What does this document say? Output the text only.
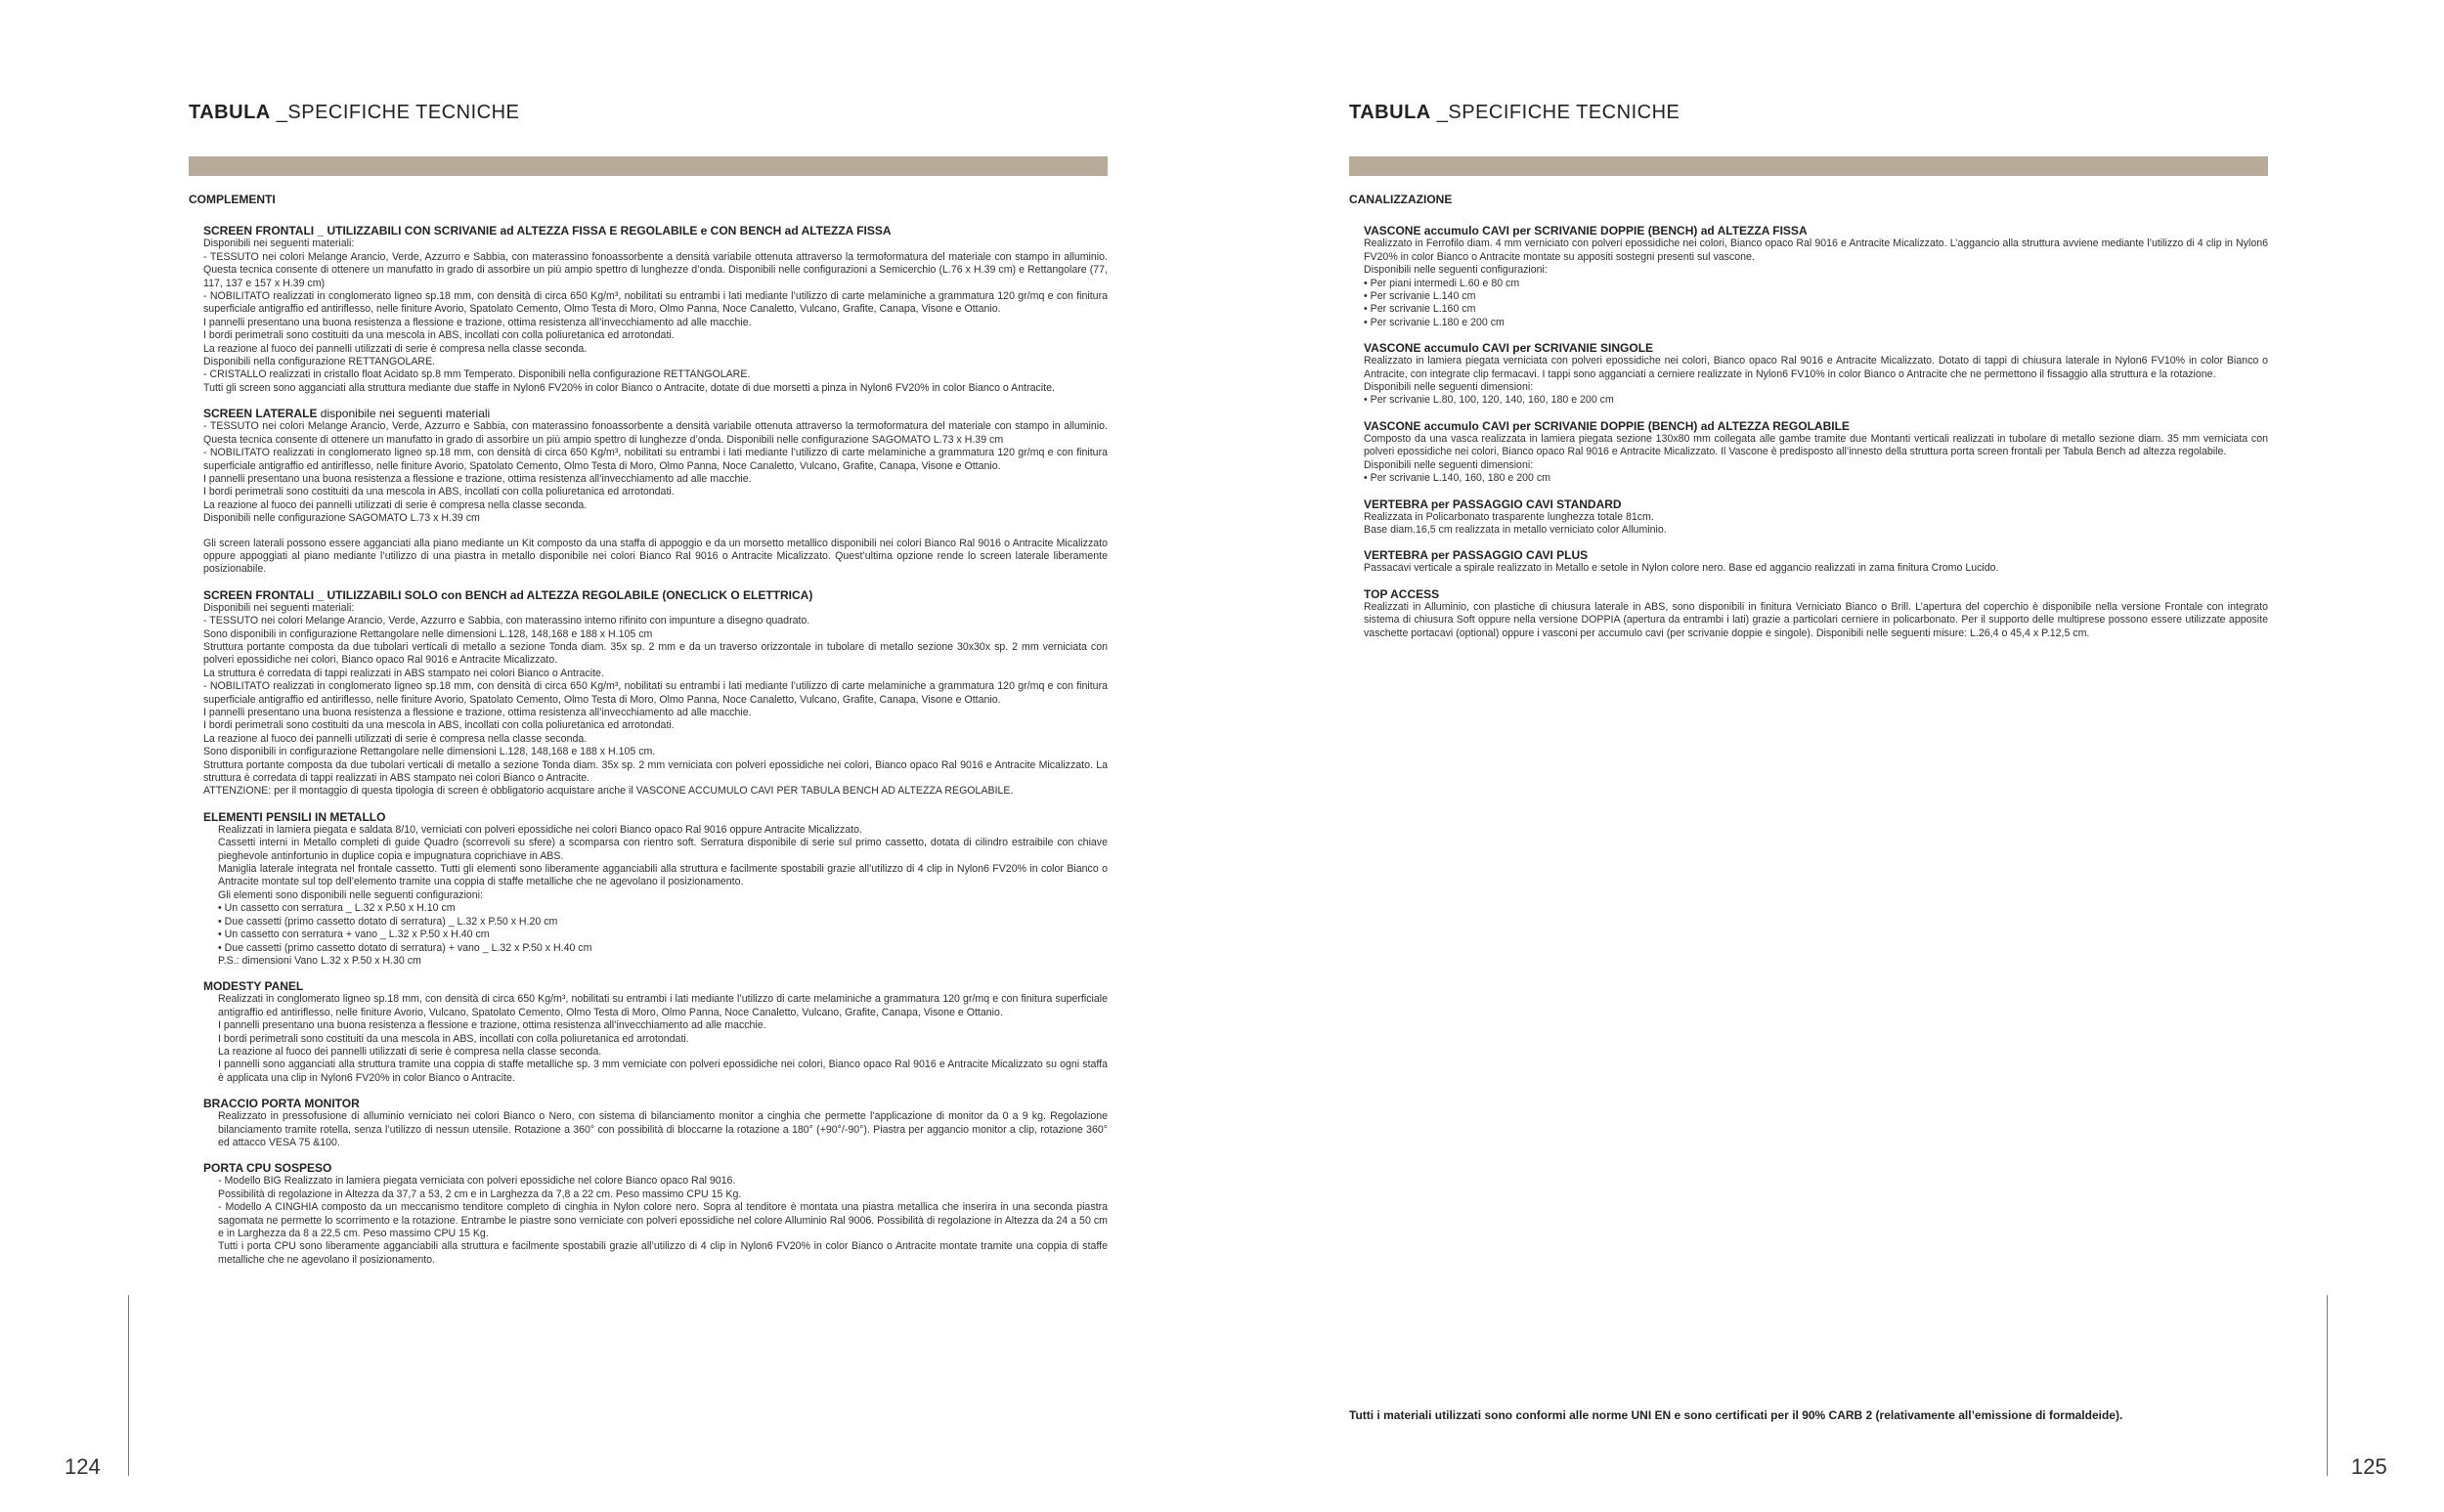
TABULA _SPECIFICHE TECNICHE
COMPLEMENTI
SCREEN FRONTALI _ UTILIZZABILI CON SCRIVANIE ad ALTEZZA FISSA E REGOLABILE e CON BENCH ad ALTEZZA FISSA
Disponibili nei seguenti materiali:
- TESSUTO nei colori Melange Arancio, Verde, Azzurro e Sabbia, con materassino fonoassorbente a densità variabile ottenuta attraverso la termoformatura del materiale con stampo in alluminio. Questa tecnica consente di ottenere un manufatto in grado di assorbire un più ampio spettro di lunghezze d’onda. Disponibili nelle configurazioni a Semicerchio (L.76 x H.39 cm) e Rettangolare (77, 117, 137 e 157 x H.39 cm)
- NOBILITATO realizzati in conglomerato ligneo sp.18 mm, con densità di circa 650 Kg/m³, nobilitati su entrambi i lati mediante l’utilizzo di carte melaminiche a grammatura 120 gr/mq e con finitura superficiale antigraffio ed antiriflesso, nelle finiture Avorio, Spatolato Cemento, Olmo Testa di Moro, Olmo Panna, Noce Canaletto, Vulcano, Grafite, Canapa, Visone e Ottanio.
I pannelli presentano una buona resistenza a flessione e trazione, ottima resistenza all’invecchiamento ad alle macchie.
I bordi perimetrali sono costituiti da una mescola in ABS, incollati con colla poliuretanica ed arrotondati.
La reazione al fuoco dei pannelli utilizzati di serie è compresa nella classe seconda.
Disponibili nella configurazione RETTANGOLARE.
- CRISTALLO realizzati in cristallo float Acidato sp.8 mm Temperato. Disponibili nella configurazione RETTANGOLARE.
Tutti gli screen sono agganciati alla struttura mediante due staffe in Nylon6 FV20% in color Bianco o Antracite, dotate di due morsetti a pinza in Nylon6 FV20% in color Bianco o Antracite.
SCREEN LATERALE disponibile nei seguenti materiali
- TESSUTO nei colori Melange Arancio, Verde, Azzurro e Sabbia, con materassino fonoassorbente a densità variabile ottenuta attraverso la termoformatura del materiale con stampo in alluminio. Questa tecnica consente di ottenere un manufatto in grado di assorbire un più ampio spettro di lunghezze d’onda. Disponibili nelle configurazione SAGOMATO L.73 x H.39 cm
- NOBILITATO realizzati in conglomerato ligneo sp.18 mm, con densità di circa 650 Kg/m³, nobilitati su entrambi i lati mediante l’utilizzo di carte melaminiche a grammatura 120 gr/mq e con finitura superficiale antigraffio ed antiriflesso, nelle finiture Avorio, Spatolato Cemento, Olmo Testa di Moro, Olmo Panna, Noce Canaletto, Vulcano, Grafite, Canapa, Visone e Ottanio.
I pannelli presentano una buona resistenza a flessione e trazione, ottima resistenza all’invecchiamento ad alle macchie.
I bordi perimetrali sono costituiti da una mescola in ABS, incollati con colla poliuretanica ed arrotondati.
La reazione al fuoco dei pannelli utilizzati di serie è compresa nella classe seconda.
Disponibili nelle configurazione SAGOMATO L.73 x H.39 cm
Gli screen laterali possono essere agganciati alla piano mediante un Kit composto da una staffa di appoggio e da un morsetto metallico disponibili nei colori Bianco Ral 9016 o Antracite Micalizzato oppure appoggiati al piano mediante l’utilizzo di una piastra in metallo disponibile nei colori Bianco Ral 9016 o Antracite Micalizzato. Quest’ultima opzione rende lo screen laterale liberamente posizionabile.
SCREEN FRONTALI _ UTILIZZABILI SOLO con BENCH ad ALTEZZA REGOLABILE (ONECLICK O ELETTRICA)
Disponibili nei seguenti materiali:
- TESSUTO nei colori Melange Arancio, Verde, Azzurro e Sabbia, con materassino interno rifinito con impunture a disegno quadrato.
Sono disponibili in configurazione Rettangolare nelle dimensioni L.128, 148,168 e 188 x H.105 cm
Struttura portante composta da due tubolari verticali di metallo a sezione Tonda diam. 35x sp. 2 mm e da un traverso orizzontale in tubolare di metallo sezione 30x30x sp. 2 mm verniciata con polveri epossidiche nei colori, Bianco opaco Ral 9016 e Antracite Micalizzato.
La struttura è corredata di tappi realizzati in ABS stampato nei colori Bianco o Antracite.
- NOBILITATO realizzati in conglomerato ligneo sp.18 mm, con densità di circa 650 Kg/m³, nobilitati su entrambi i lati mediante l’utilizzo di carte melaminiche a grammatura 120 gr/mq e con finitura superficiale antigraffio ed antiriflesso, nelle finiture Avorio, Spatolato Cemento, Olmo Testa di Moro, Olmo Panna, Noce Canaletto, Vulcano, Grafite, Canapa, Visone e Ottanio.
I pannelli presentano una buona resistenza a flessione e trazione, ottima resistenza all’invecchiamento ad alle macchie.
I bordi perimetrali sono costituiti da una mescola in ABS, incollati con colla poliuretanica ed arrotondati.
La reazione al fuoco dei pannelli utilizzati di serie è compresa nella classe seconda.
Sono disponibili in configurazione Rettangolare nelle dimensioni L.128, 148,168 e 188 x H.105 cm.
Struttura portante composta da due tubolari verticali di metallo a sezione Tonda diam. 35x sp. 2 mm verniciata con polveri epossidiche nei colori, Bianco opaco Ral 9016 e Antracite Micalizzato. La struttura è corredata di tappi realizzati in ABS stampato nei colori Bianco o Antracite.
ATTENZIONE: per il montaggio di questa tipologia di screen è obbligatorio acquistare anche il VASCONE ACCUMULO CAVI PER TABULA BENCH AD ALTEZZA REGOLABILE.
ELEMENTI PENSILI IN METALLO
Realizzati in lamiera piegata e saldata 8/10, verniciati con polveri epossidiche nei colori Bianco opaco Ral 9016 oppure Antracite Micalizzato.
Cassetti interni in Metallo completi di guide Quadro (scorrevoli su sfere) a scomparsa con rientro soft. Serratura disponibile di serie sul primo cassetto, dotata di cilindro estraibile con chiave pieghevole antinfortunio in duplice copia e impugnatura coprichiave in ABS.
Maniglia laterale integrata nel frontale cassetto. Tutti gli elementi sono liberamente agganciabili alla struttura e facilmente spostabili grazie all’utilizzo di 4 clip in Nylon6 FV20% in color Bianco o Antracite montate sul top dell’elemento tramite una coppia di staffe metalliche che ne agevolano il posizionamento.
Gli elementi sono disponibili nelle seguenti configurazioni:
• Un cassetto con serratura _ L.32 x P.50 x H.10 cm
• Due cassetti (primo cassetto dotato di serratura) _ L.32 x P.50 x H.20 cm
• Un cassetto con serratura + vano _ L.32 x P.50 x H.40 cm
• Due cassetti (primo cassetto dotato di serratura) + vano _ L.32 x P.50 x H.40 cm
P.S.: dimensioni Vano L.32 x P.50 x H.30 cm
MODESTY PANEL
Realizzati in conglomerato ligneo sp.18 mm, con densità di circa 650 Kg/m³, nobilitati su entrambi i lati mediante l’utilizzo di carte melaminiche a grammatura 120 gr/mq e con finitura superficiale antigraffio ed antiriflesso, nelle finiture Avorio, Vulcano, Spatolato Cemento, Olmo Testa di Moro, Olmo Panna, Noce Canaletto, Vulcano, Grafite, Canapa, Visone e Ottanio.
I pannelli presentano una buona resistenza a flessione e trazione, ottima resistenza all’invecchiamento ad alle macchie.
I bordi perimetrali sono costituiti da una mescola in ABS, incollati con colla poliuretanica ed arrotondati.
La reazione al fuoco dei pannelli utilizzati di serie è compresa nella classe seconda.
I pannelli sono agganciati alla struttura tramite una coppia di staffe metalliche sp. 3 mm verniciate con polveri epossidiche nei colori, Bianco opaco Ral 9016 e Antracite Micalizzato su ogni staffa è applicata una clip in Nylon6 FV20% in color Bianco o Antracite.
BRACCIO PORTA MONITOR
Realizzato in pressofusione di alluminio verniciato nei colori Bianco o Nero, con sistema di bilanciamento monitor a cinghia che permette l’applicazione di monitor da 0 a 9 kg. Regolazione bilanciamento tramite rotella, senza l’utilizzo di nessun utensile. Rotazione a 360° con possibilità di bloccarne la rotazione a 180° (+90°/-90°). Piastra per aggancio monitor a clip, rotazione 360° ed attacco VESA 75 &100.
PORTA CPU SOSPESO
- Modello BIG Realizzato in lamiera piegata verniciata con polveri epossidiche nel colore Bianco opaco Ral 9016.
Possibilità di regolazione in Altezza da 37,7 a 53, 2 cm e in Larghezza da 7,8 a 22 cm. Peso massimo CPU 15 Kg.
- Modello A CINGHIA composto da un meccanismo tenditore completo di cinghia in Nylon colore nero. Sopra al tenditore è montata una piastra metallica che inserira in una seconda piastra sagomata ne permette lo scorrimento e la rotazione. Entrambe le piastre sono verniciate con polveri epossidiche nel colore Alluminio Ral 9006. Possibilità di regolazione in Altezza da 24 a 50 cm e in Larghezza da 8 a 22,5 cm. Peso massimo CPU 15 Kg.
Tutti i porta CPU sono liberamente agganciabili alla struttura e facilmente spostabili grazie all’utilizzo di 4 clip in Nylon6 FV20% in color Bianco o Antracite montate tramite una coppia di staffe metalliche che ne agevolano il posizionamento.
124
TABULA _SPECIFICHE TECNICHE
CANALIZZAZIONE
VASCONE accumulo CAVI per SCRIVANIE DOPPIE (BENCH) ad ALTEZZA FISSA
Realizzato in Ferrofilo diam. 4 mm verniciato con polveri epossidiche nei colori, Bianco opaco Ral 9016 e Antracite Micalizzato. L’aggancio alla struttura avviene mediante l’utilizzo di 4 clip in Nylon6 FV20% in color Bianco o Antracite montate su appositi sostegni presenti sul vascone.
Disponibili nelle seguenti configurazioni:
• Per piani intermedi L.60 e 80 cm
• Per scrivanie L.140 cm
• Per scrivanie L.160 cm
• Per scrivanie L.180 e 200 cm
VASCONE accumulo CAVI per SCRIVANIE SINGOLE
Realizzato in lamiera piegata verniciata con polveri epossidiche nei colori, Bianco opaco Ral 9016 e Antracite Micalizzato. Dotato di tappi di chiusura laterale in Nylon6 FV10% in color Bianco o Antracite, con integrate clip fermacavi. I tappi sono agganciati a cerniere realizzate in Nylon6 FV10% in color Bianco o Antracite che ne permettono il fissaggio alla struttura e la rotazione.
Disponibili nelle seguenti dimensioni:
• Per scrivanie L.80, 100, 120, 140, 160, 180 e 200 cm
VASCONE accumulo CAVI per SCRIVANIE DOPPIE (BENCH) ad ALTEZZA REGOLABILE
Composto da una vasca realizzata in lamiera piegata sezione 130x80 mm collegata alle gambe tramite due Montanti verticali realizzati in tubolare di metallo sezione diam. 35 mm verniciata con polveri epossidiche nei colori, Bianco opaco Ral 9016 e Antracite Micalizzato. Il Vascone è predisposto all’innesto della struttura porta screen frontali per Tabula Bench ad altezza regolabile.
Disponibili nelle seguenti dimensioni:
• Per scrivanie L.140, 160, 180 e 200 cm
VERTEBRA per PASSAGGIO CAVI STANDARD
Realizzata in Policarbonato trasparente lunghezza totale 81cm.
Base diam.16,5 cm realizzata in metallo verniciato color Alluminio.
VERTEBRA per PASSAGGIO CAVI PLUS
Passacavi verticale a spirale realizzato in Metallo e setole in Nylon colore nero. Base ed aggancio realizzati in zama finitura Cromo Lucido.
TOP ACCESS
Realizzati in Alluminio, con plastiche di chiusura laterale in ABS, sono disponibili in finitura Verniciato Bianco o Brill. L’apertura del coperchio è disponibile nella versione Frontale con integrato sistema di chiusura Soft oppure nella versione DOPPIA (apertura da entrambi i lati) grazie a particolari cerniere in policarbonato. Per il supporto delle multiprese possono essere utilizzate apposite vaschette portacavi (optional) oppure i vasconi per accumulo cavi (per scrivanie doppie e singole). Disponibili nelle seguenti misure: L.26,4 o 45,4 x P.12,5 cm.
Tutti i materiali utilizzati sono conformi alle norme UNI EN e sono certificati per il 90% CARB 2 (relativamente all’emissione di formaldeide).
125
